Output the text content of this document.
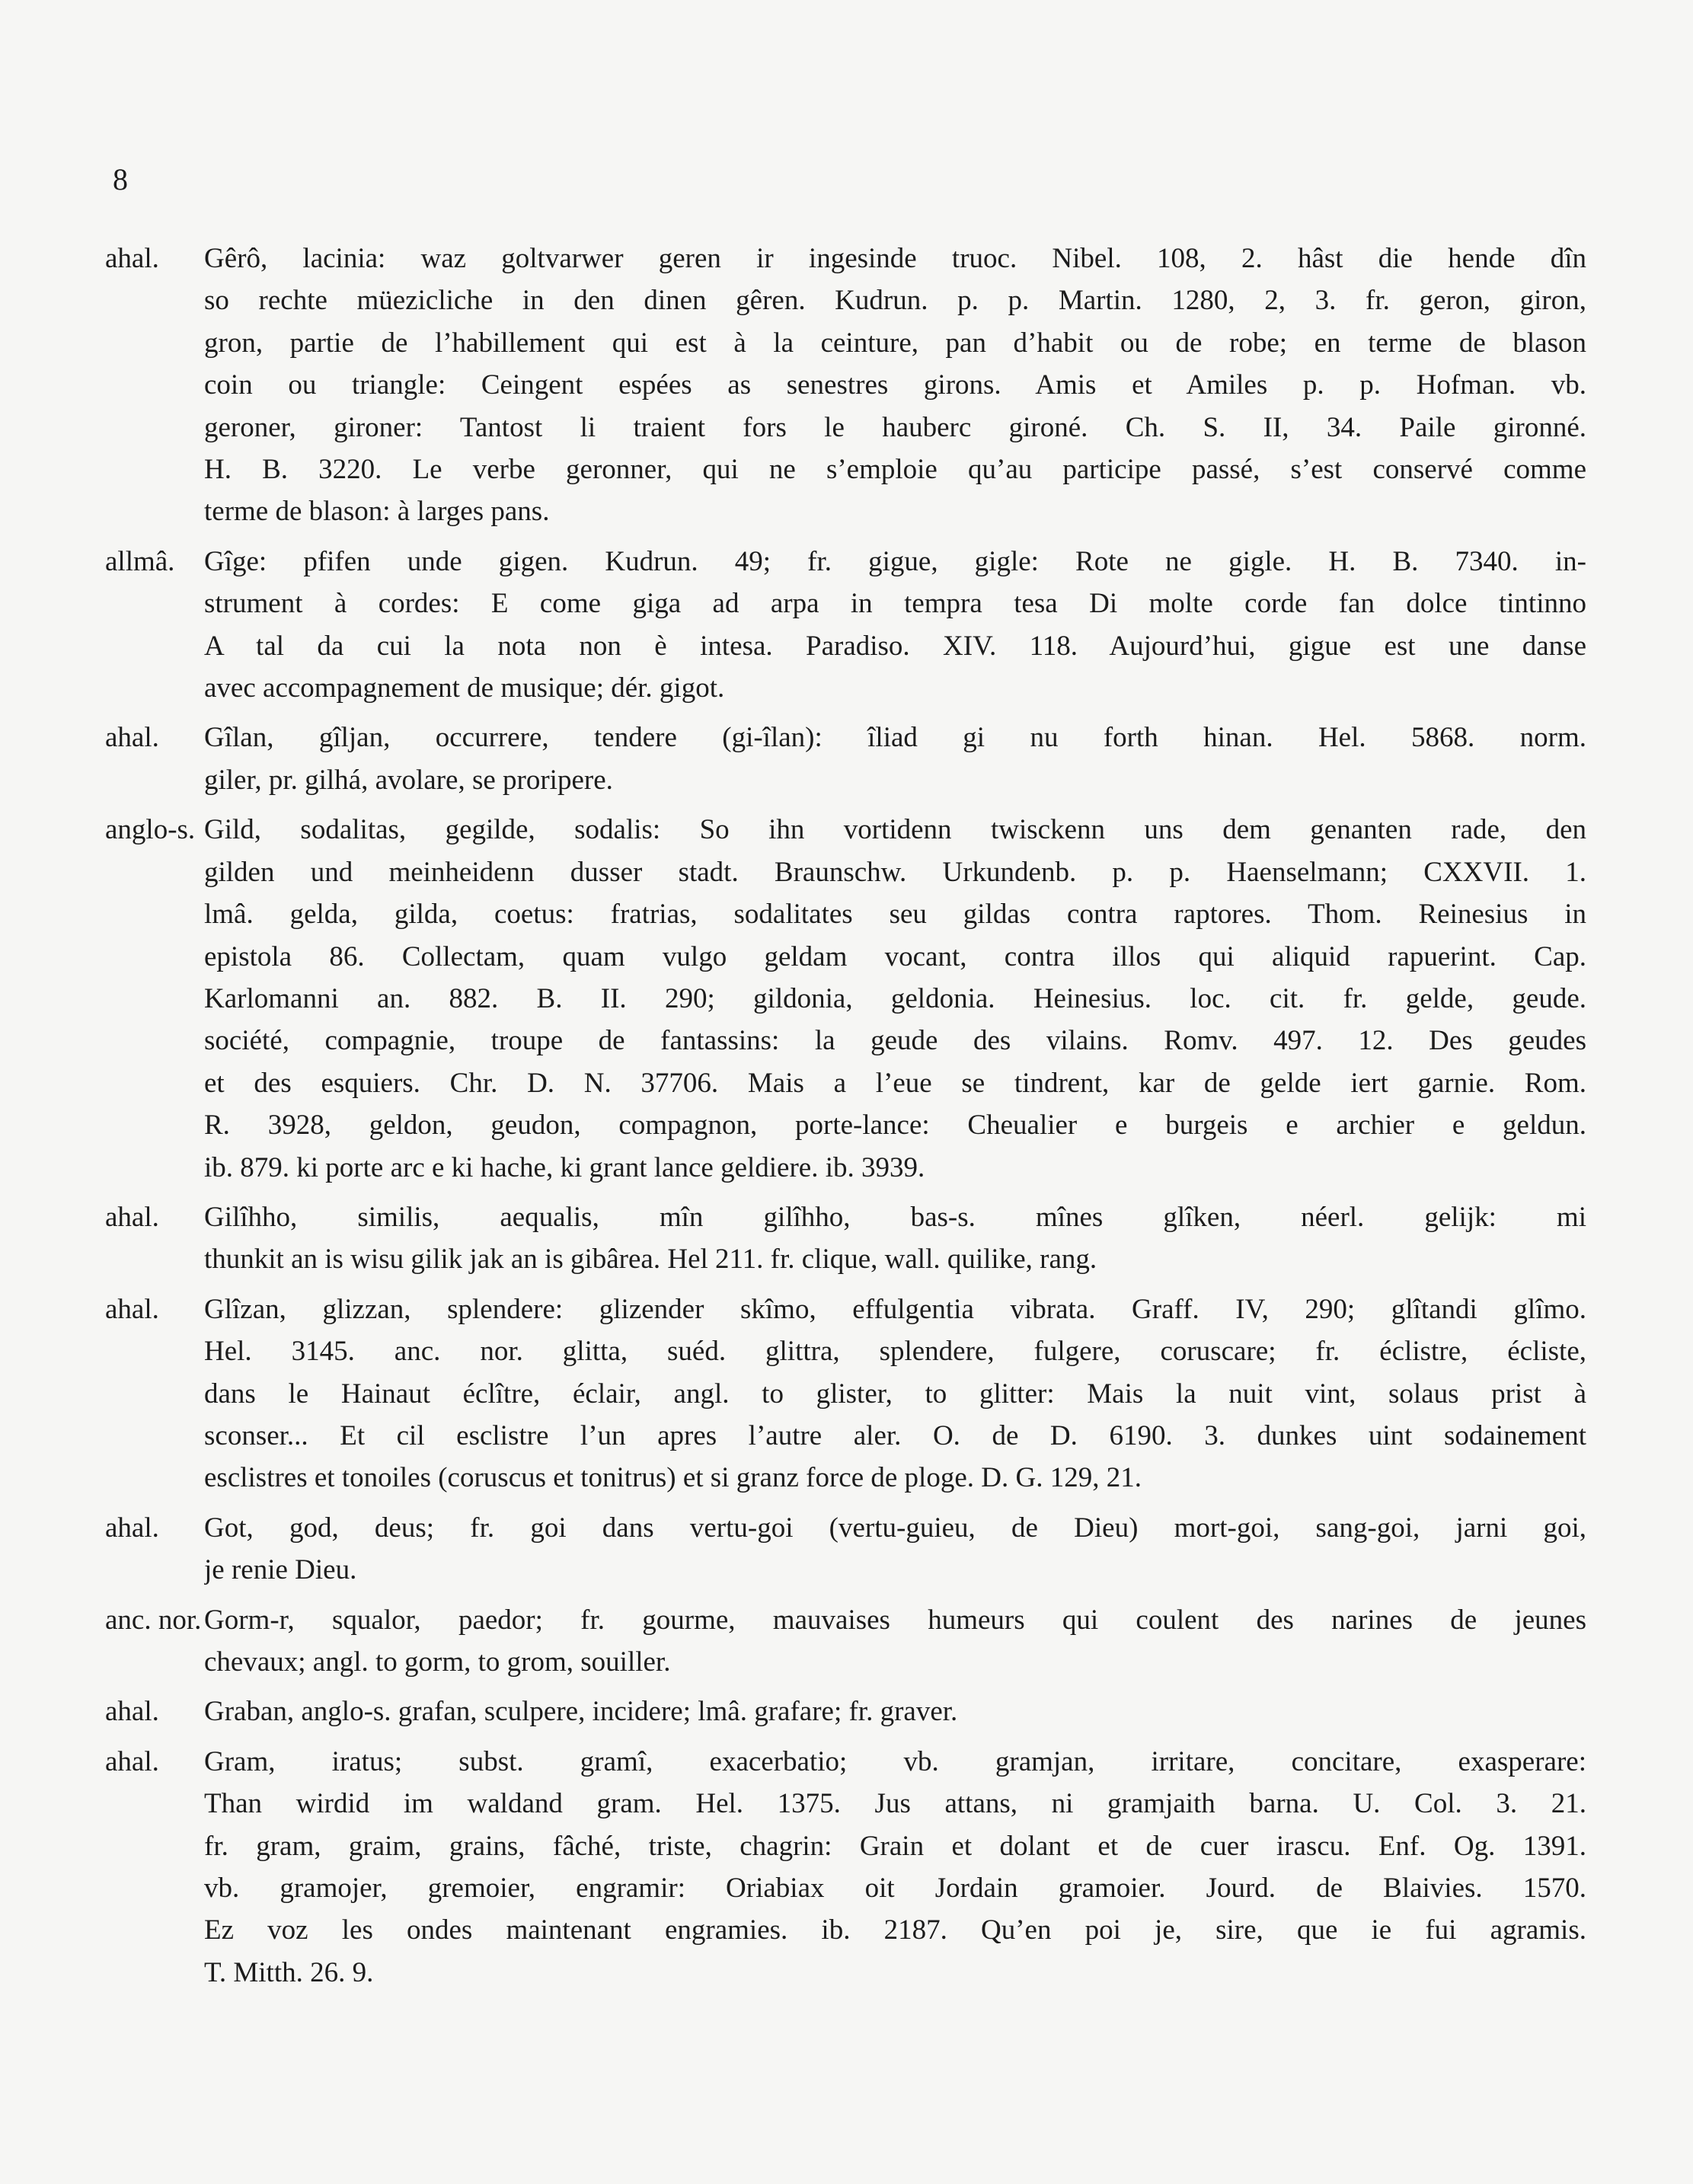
8
ahal. Gêrô, lacinia: waz goltvarwer geren ir ingesinde truoc. Nibel. 108, 2. hâst die hende dîn
so rechte müezicliche in den dinen gêren. Kudrun. p. p. Martin. 1280, 2, 3. fr. geron, giron,
gron, partie de l’habillement qui est à la ceinture, pan d’habit ou de robe; en terme de blason
coin ou triangle: Ceingent espées as senestres girons. Amis et Amiles p. p. Hofman. vb.
geroner, gironer: Tantost li traient fors le hauberc gironé. Ch. S. II, 34. Paile gironné.
H. B. 3220. Le verbe geronner, qui ne s’emploie qu’au participe passé, s’est conservé comme
terme de blason: à larges pans.
allmâ. Gîge: pfifen unde gigen. Kudrun. 49; fr. gigue, gigle: Rote ne gigle. H. B. 7340. in-
strument à cordes: E come giga ad arpa in tempra tesa Di molte corde fan dolce tintinno
A tal da cui la nota non è intesa. Paradiso. XIV. 118. Aujourd’hui, gigue est une danse
avec accompagnement de musique; dér. gigot.
ahal. Gîlan, gîljan, occurrere, tendere (gi-îlan): îliad gi nu forth hinan. Hel. 5868. norm.
giler, pr. gilhá, avolare, se proripere.
anglo-s. Gild, sodalitas, gegilde, sodalis: So ihn vortidenn twisckenn uns dem genanten rade, den
gilden und meinheidenn dusser stadt. Braunschw. Urkundenb. p. p. Haenselmann; CXXVII. 1.
lmâ. gelda, gilda, coetus: fratrias, sodalitates seu gildas contra raptores. Thom. Reinesius in
epistola 86. Collectam, quam vulgo geldam vocant, contra illos qui aliquid rapuerint. Cap.
Karlomanni an. 882. B. II. 290; gildonia, geldonia. Heinesius. loc. cit. fr. gelde, geude.
société, compagnie, troupe de fantassins: la geude des vilains. Romv. 497. 12. Des geudes
et des esquiers. Chr. D. N. 37706. Mais a l’eue se tindrent, kar de gelde iert garnie. Rom.
R. 3928, geldon, geudon, compagnon, porte-lance: Cheualier e burgeis e archier e geldun.
ib. 879. ki porte arc e ki hache, ki grant lance geldiere. ib. 3939.
ahal. Gilîhho, similis, aequalis, mîn gilîhho, bas-s. mînes glîken, néerl. gelijk: mi
thunkit an is wisu gilik jak an is gibârea. Hel 211. fr. clique, wall. quilike, rang.
ahal. Glîzan, glizzan, splendere: glizender skîmo, effulgentia vibrata. Graff. IV, 290; glîtandi glîmo.
Hel. 3145. anc. nor. glitta, suéd. glittra, splendere, fulgere, coruscare; fr. éclistre, écliste,
dans le Hainaut éclître, éclair, angl. to glister, to glitter: Mais la nuit vint, solaus prist à
sconser... Et cil esclistre l’un apres l’autre aler. O. de D. 6190. 3. dunkes uint sodainement
esclistres et tonoiles (coruscus et tonitrus) et si granz force de ploge. D. G. 129, 21.
ahal. Got, god, deus; fr. goi dans vertu-goi (vertu-guieu, de Dieu) mort-goi, sang-goi, jarni goi,
je renie Dieu.
anc. nor. Gorm-r, squalor, paedor; fr. gourme, mauvaises humeurs qui coulent des narines de jeunes
chevaux; angl. to gorm, to grom, souiller.
ahal. Graban, anglo-s. grafan, sculpere, incidere; lmâ. grafare; fr. graver.
ahal. Gram, iratus; subst. gramî, exacerbatio; vb. gramjan, irritare, concitare, exasperare:
Than wirdid im waldand gram. Hel. 1375. Jus attans, ni gramjaith barna. U. Col. 3. 21.
fr. gram, graim, grains, fâché, triste, chagrin: Grain et dolant et de cuer irascu. Enf. Og. 1391.
vb. gramojer, gremoier, engramir: Oriabiax oit Jordain gramoier. Jourd. de Blaivies. 1570.
Ez voz les ondes maintenant engramies. ib. 2187. Qu’en poi je, sire, que ie fui agramis.
T. Mitth. 26. 9.
